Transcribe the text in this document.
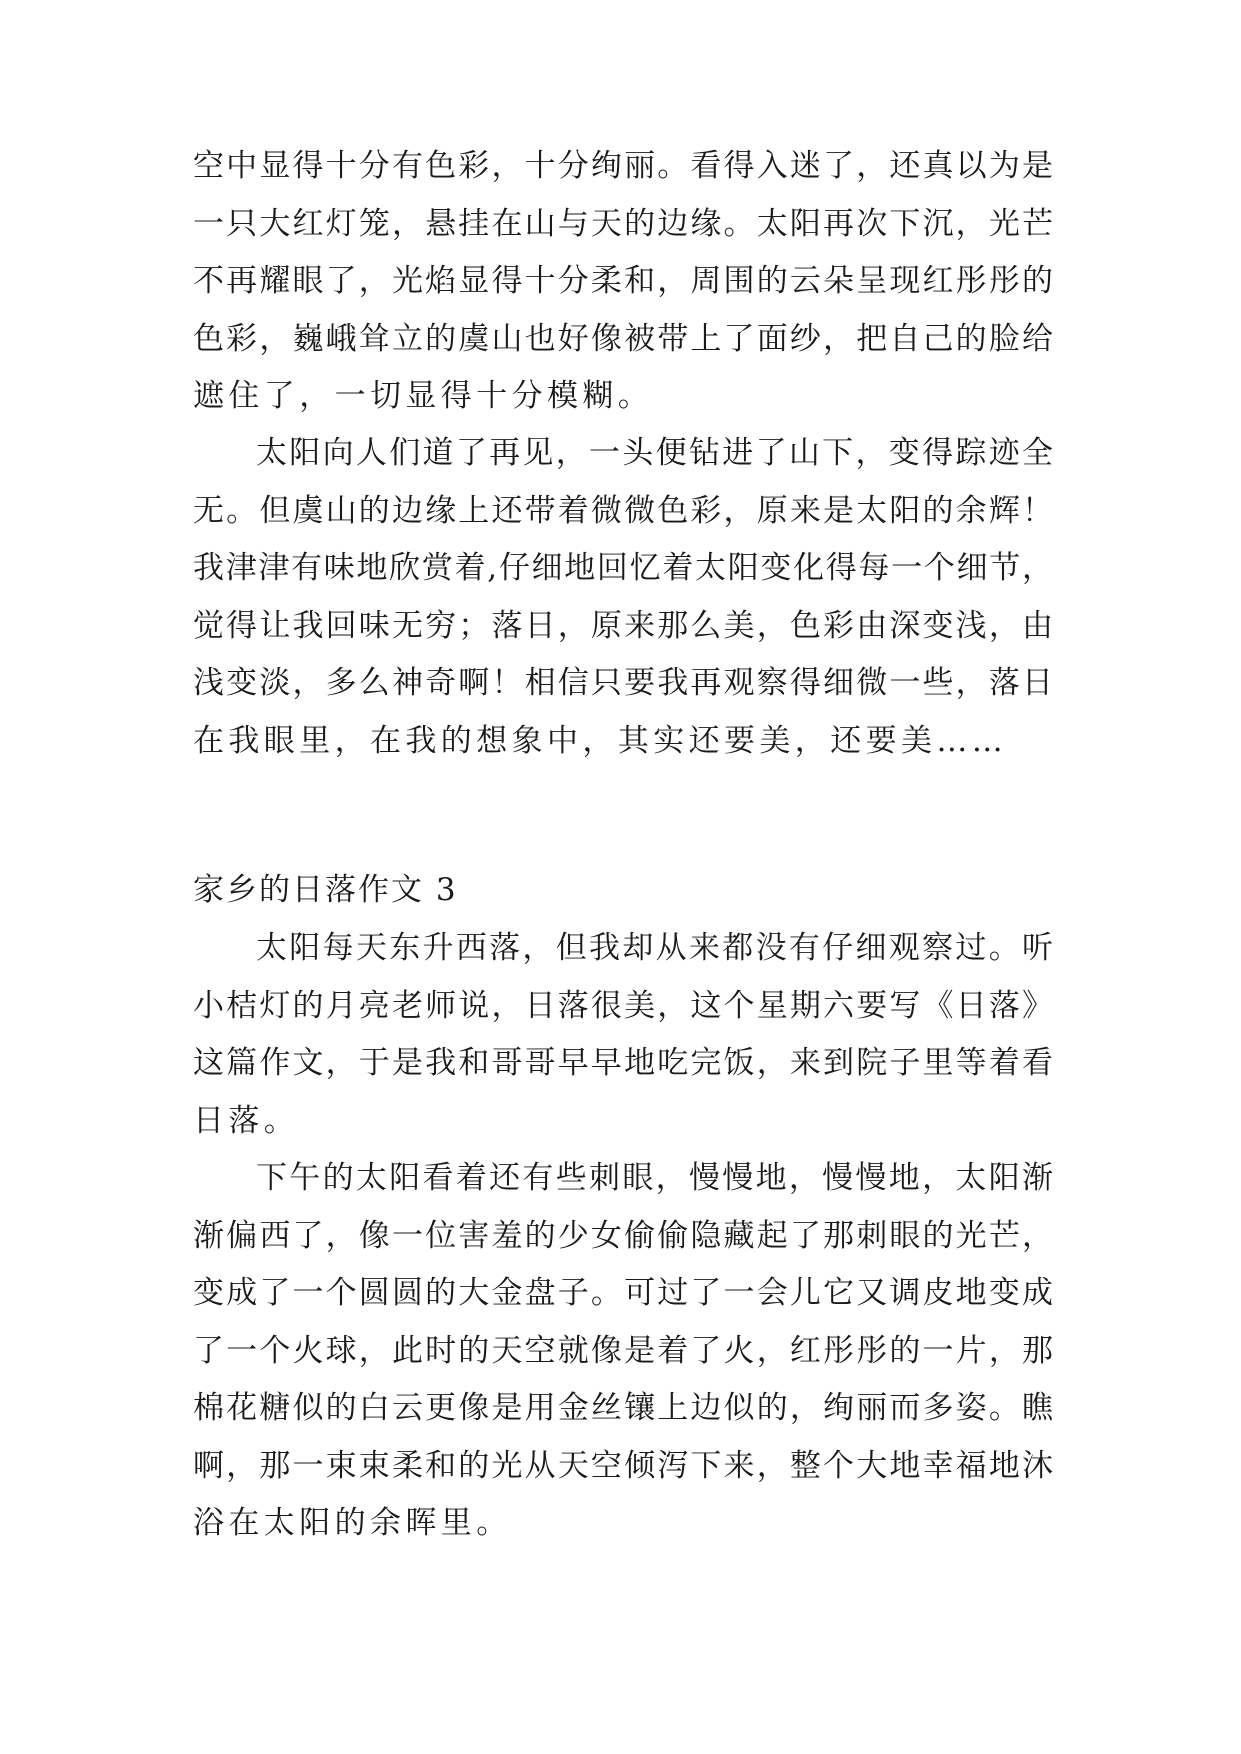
空中显得十分有色彩，十分绚丽。看得入迷了，还真以为是
一只大红灯笼，悬挂在山与天的边缘。太阳再次下沉，光芒
不再耀眼了，光焰显得十分柔和，周围的云朵呈现红彤彤的
色彩，巍峨耸立的虞山也好像被带上了面纱，把自己的脸给
遮住了，一切显得十分模糊。
太阳向人们道了再见，一头便钻进了山下，变得踪迹全
无。但虞山的边缘上还带着微微色彩，原来是太阳的余辉！
我津津有味地欣赏着,仔细地回忆着太阳变化得每一个细节，
觉得让我回味无穷；落日，原来那么美，色彩由深变浅，由
浅变淡，多么神奇啊！相信只要我再观察得细微一些，落日
在我眼里，在我的想象中，其实还要美，还要美……
家乡的日落作文 3
太阳每天东升西落，但我却从来都没有仔细观察过。听
小桔灯的月亮老师说，日落很美，这个星期六要写《日落》
这篇作文，于是我和哥哥早早地吃完饭，来到院子里等着看
日落。
下午的太阳看着还有些刺眼，慢慢地，慢慢地，太阳渐
渐偏西了，像一位害羞的少女偷偷隐藏起了那刺眼的光芒，
变成了一个圆圆的大金盘子。可过了一会儿它又调皮地变成
了一个火球，此时的天空就像是着了火，红彤彤的一片，那
棉花糖似的白云更像是用金丝镶上边似的，绚丽而多姿。瞧
啊，那一束束柔和的光从天空倾泻下来，整个大地幸福地沐
浴在太阳的余晖里。
